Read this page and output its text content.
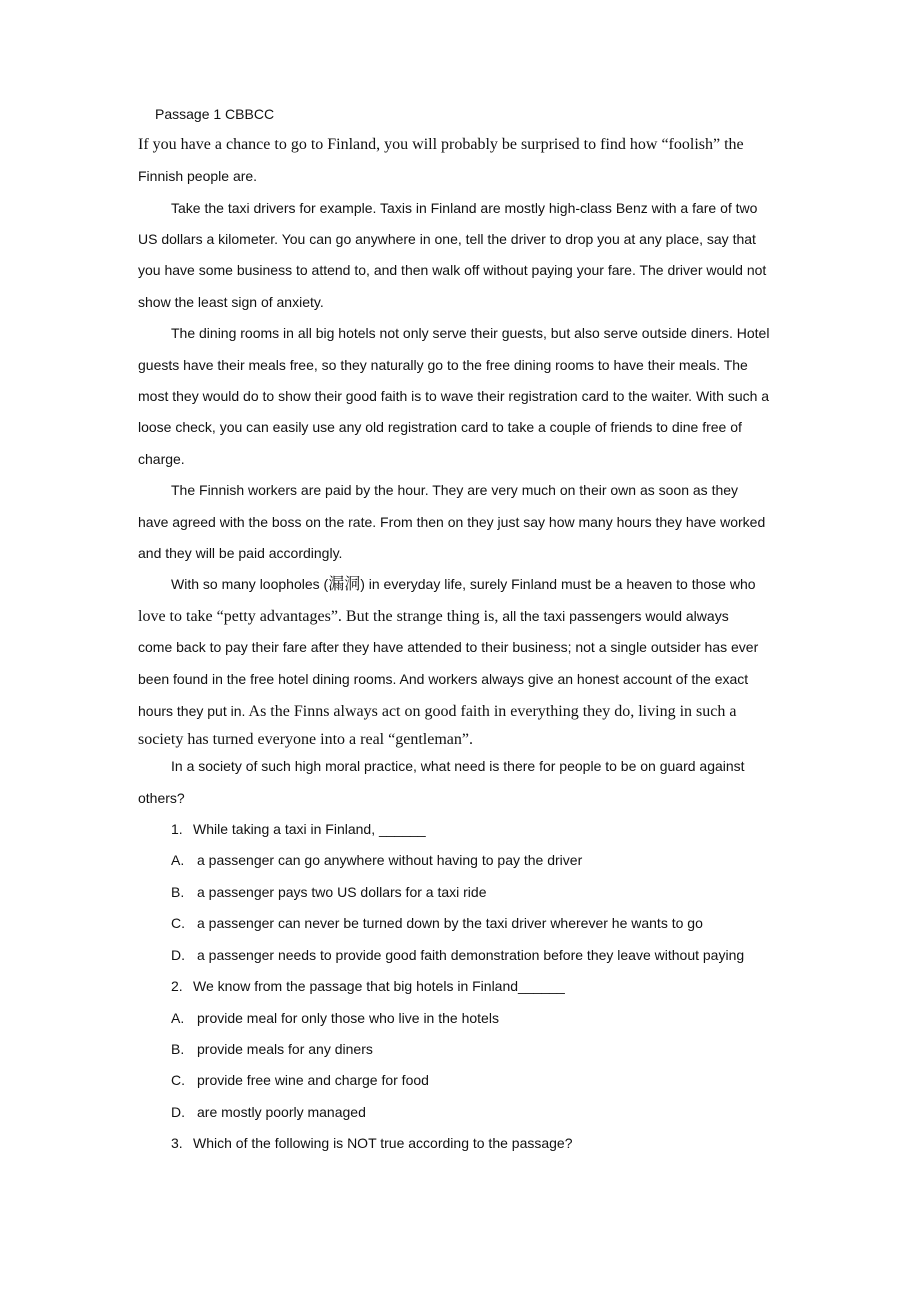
Passage 1 CBBCC
If you have a chance to go to Finland, you will probably be surprised to find how “foolish” the
Finnish people are.
Take the taxi drivers for example. Taxis in Finland are mostly high-class Benz with a fare of two
US dollars a kilometer. You can go anywhere in one, tell the driver to drop you at any place, say that
you have some business to attend to, and then walk off without paying your fare. The driver would not
show the least sign of anxiety.
The dining rooms in all big hotels not only serve their guests, but also serve outside diners. Hotel
guests have their meals free, so they naturally go to the free dining rooms to have their meals. The
most they would do to show their good faith is to wave their registration card to the waiter. With such a
loose check, you can easily use any old registration card to take a couple of friends to dine free of
charge.
The Finnish workers are paid by the hour. They are very much on their own as soon as they
have agreed with the boss on the rate. From then on they just say how many hours they have worked
and they will be paid accordingly.
With so many loopholes (漏洞) in everyday life, surely Finland must be a heaven to those who
love to take “petty advantages”. But the strange thing is, all the taxi passengers would always
come back to pay their fare after they have attended to their business; not a single outsider has ever
been found in the free hotel dining rooms. And workers always give an honest account of the exact
hours they put in. As the Finns always act on good faith in everything they do, living in such a
society has turned everyone into a real “gentleman”.
In a society of such high moral practice, what need is there for people to be on guard against
others?
1. While taking a taxi in Finland, ______
A. a passenger can go anywhere without having to pay the driver
B. a passenger pays two US dollars for a taxi ride
C. a passenger can never be turned down by the taxi driver wherever he wants to go
D. a passenger needs to provide good faith demonstration before they leave without paying
2. We know from the passage that big hotels in Finland______
A. provide meal for only those who live in the hotels
B. provide meals for any diners
C. provide free wine and charge for food
D. are mostly poorly managed
3. Which of the following is NOT true according to the passage?
